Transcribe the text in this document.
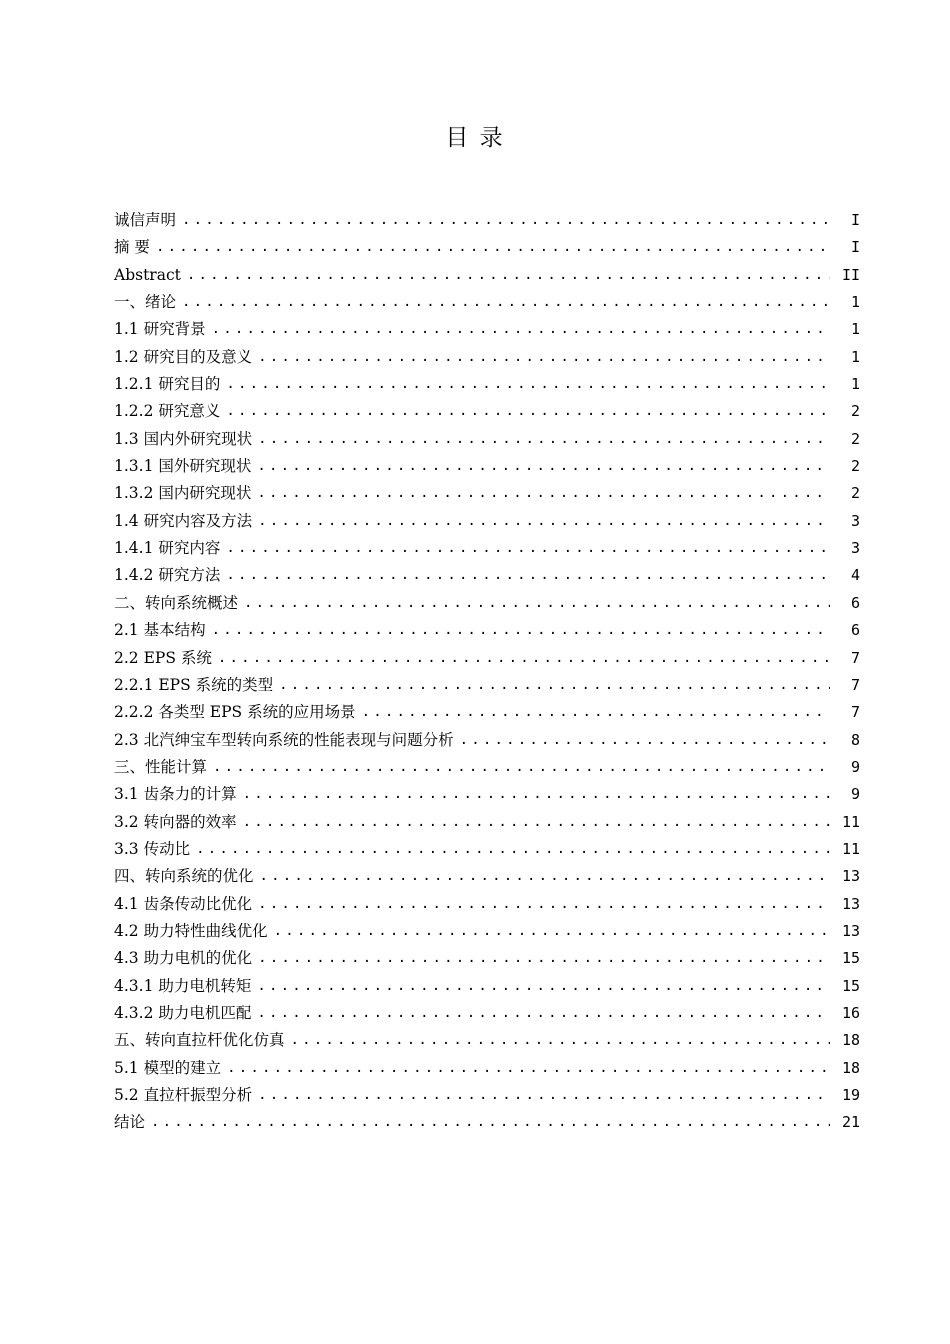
目 录
诚信声明 .....	I
摘 要 .....	I
Abstract .....	II
一、绪论 .....	1
1.1 研究背景 .....	1
1.2 研究目的及意义 .....	1
1.2.1 研究目的 .....	1
1.2.2 研究意义 .....	2
1.3 国内外研究现状 .....	2
1.3.1 国外研究现状 .....	2
1.3.2 国内研究现状 .....	2
1.4 研究内容及方法 .....	3
1.4.1 研究内容 .....	3
1.4.2 研究方法 .....	4
二、转向系统概述 .....	6
2.1 基本结构 .....	6
2.2 EPS 系统 .....	7
2.2.1 EPS 系统的类型 .....	7
2.2.2 各类型 EPS 系统的应用场景 .....	7
2.3 北汽绅宝车型转向系统的性能表现与问题分析 .....	8
三、性能计算 .....	9
3.1 齿条力的计算 .....	9
3.2 转向器的效率 .....	11
3.3 传动比 .....	11
四、转向系统的优化 .....	13
4.1 齿条传动比优化 .....	13
4.2 助力特性曲线优化 .....	13
4.3 助力电机的优化 .....	15
4.3.1 助力电机转矩 .....	15
4.3.2 助力电机匹配 .....	16
五、转向直拉杆优化仿真 .....	18
5.1 模型的建立 .....	18
5.2 直拉杆振型分析 .....	19
结论 .....	21
